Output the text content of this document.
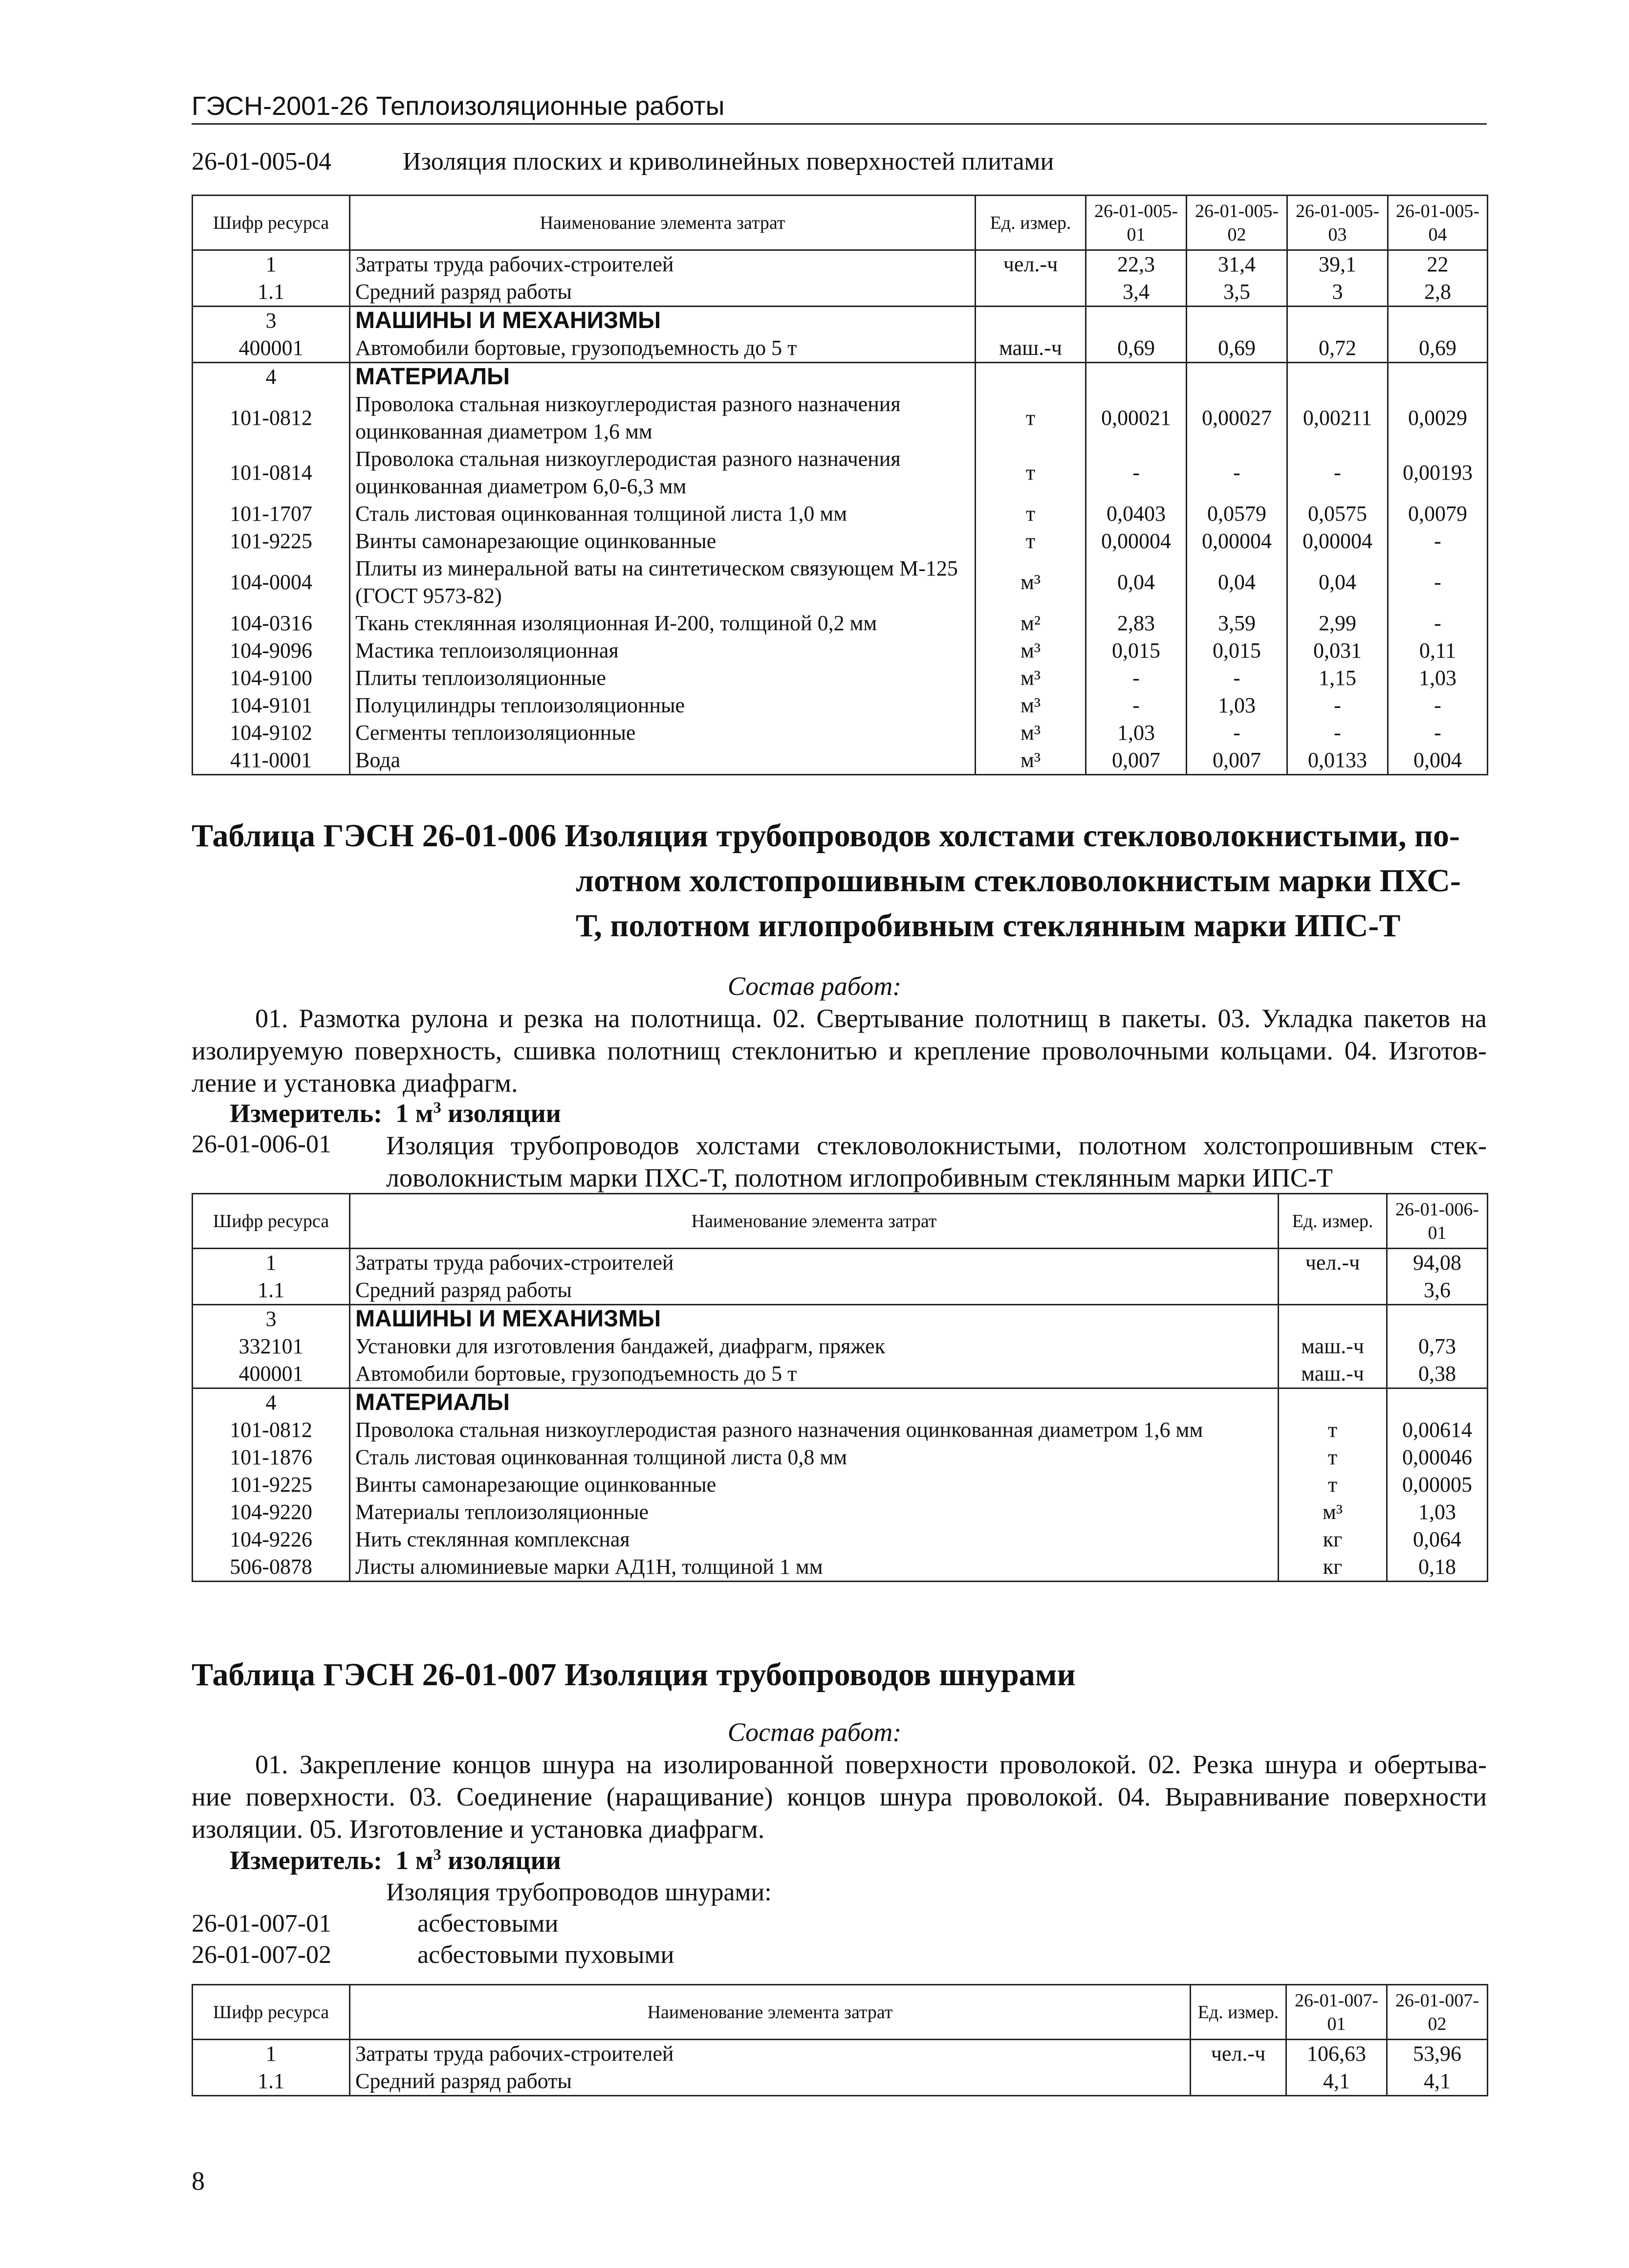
ГЭСН-2001-26 Теплоизоляционные работы
26-01-005-04	Изоляция плоских и криволинейных поверхностей плитами
Шифр ресурса	Наименование элемента затрат	Ед. измер.	26-01-005-01	26-01-005-02	26-01-005-03	26-01-005-04
1	Затраты труда рабочих-строителей	чел.-ч	22,3	31,4	39,1	22
1.1	Средний разряд работы		3,4	3,5	3	2,8
3	МАШИНЫ И МЕХАНИЗМЫ					
400001	Автомобили бортовые, грузоподъемность до 5 т	маш.-ч	0,69	0,69	0,72	0,69
4	МАТЕРИАЛЫ					
101-0812	Проволока стальная низкоуглеродистая разного назначения оцинкованная диаметром 1,6 мм	т	0,00021	0,00027	0,00211	0,0029
101-0814	Проволока стальная низкоуглеродистая разного назначения оцинкованная диаметром 6,0-6,3 мм	т	-	-	-	0,00193
101-1707	Сталь листовая оцинкованная толщиной листа 1,0 мм	т	0,0403	0,0579	0,0575	0,0079
101-9225	Винты самонарезающие оцинкованные	т	0,00004	0,00004	0,00004	-
104-0004	Плиты из минеральной ваты на синтетическом связующем М-125 (ГОСТ 9573-82)	м³	0,04	0,04	0,04	-
104-0316	Ткань стеклянная изоляционная И-200, толщиной 0,2 мм	м²	2,83	3,59	2,99	-
104-9096	Мастика теплоизоляционная	м³	0,015	0,015	0,031	0,11
104-9100	Плиты теплоизоляционные	м³	-	-	1,15	1,03
104-9101	Полуцилиндры теплоизоляционные	м³	-	1,03	-	-
104-9102	Сегменты теплоизоляционные	м³	1,03	-	-	-
411-0001	Вода	м³	0,007	0,007	0,0133	0,004
Таблица ГЭСН 26-01-006 Изоляция трубопроводов холстами стекловолокнистыми, по-
лотном холстопрошивным стекловолокнистым марки ПХС-
Т, полотном иглопробивным стеклянным марки ИПС-Т
Состав работ:
01. Размотка рулона и резка на полотнища. 02. Свертывание полотнищ в пакеты. 03. Укладка пакетов на
изолируемую поверхность, сшивка полотнищ стеклонитью и крепление проволочными кольцами. 04. Изготов-
ление и установка диафрагм.
Измеритель: 1 $м^3$ изоляции
26-01-006-01 Изоляция трубопроводов холстами стекловолокнистыми, полотном холстопрошивным стек-
ловолокнистым марки ПХС-Т, полотном иглопробивным стеклянным марки ИПС-Т
Шифр ресурса	Наименование элемента затрат	Ед. измер.	26-01-006-01
1	Затраты труда рабочих-строителей	чел.-ч	94,08
1.1	Средний разряд работы		3,6
3	МАШИНЫ И МЕХАНИЗМЫ		
332101	Установки для изготовления бандажей, диафрагм, пряжек	маш.-ч	0,73
400001	Автомобили бортовые, грузоподъемность до 5 т	маш.-ч	0,38
4	МАТЕРИАЛЫ		
101-0812	Проволока стальная низкоуглеродистая разного назначения оцинкованная диаметром 1,6 мм	т	0,00614
101-1876	Сталь листовая оцинкованная толщиной листа 0,8 мм	т	0,00046
101-9225	Винты самонарезающие оцинкованные	т	0,00005
104-9220	Материалы теплоизоляционные	м³	1,03
104-9226	Нить стеклянная комплексная	кг	0,064
506-0878	Листы алюминиевые марки АД1Н, толщиной 1 мм	кг	0,18
Таблица ГЭСН 26-01-007 Изоляция трубопроводов шнурами
Состав работ:
01. Закрепление концов шнура на изолированной поверхности проволокой. 02. Резка шнура и обертыва-
ние поверхности. 03. Соединение (наращивание) концов шнура проволокой. 04. Выравнивание поверхности
изоляции. 05. Изготовление и установка диафрагм.
Измеритель: 1 $м^3$ изоляции
Изоляция трубопроводов шнурами:
26-01-007-01	асбестовыми
26-01-007-02	асбестовыми пуховыми
Шифр ресурса	Наименование элемента затрат	Ед. измер.	26-01-007-01	26-01-007-02
1	Затраты труда рабочих-строителей	чел.-ч	106,63	53,96
1.1	Средний разряд работы		4,1	4,1
8
